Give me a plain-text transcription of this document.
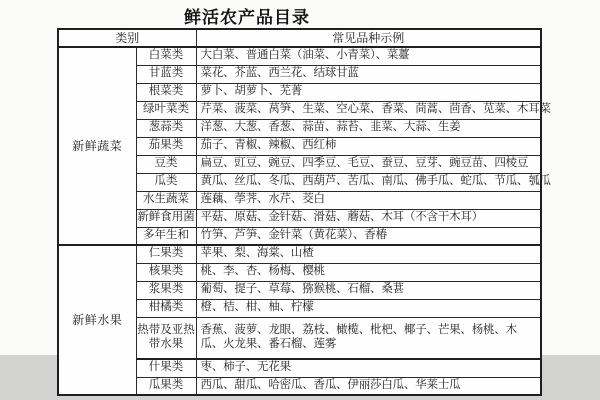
鲜活农产品目录
类别		常见品种示例
新鲜蔬菜	白菜类	大白菜、普通白菜（油菜、小青菜）、菜薹
	甘蓝类	菜花、芥蓝、西兰花、结球甘蓝
	根菜类	萝卜、胡萝卜、芜菁
	绿叶菜类	芹菜、菠菜、莴笋、生菜、空心菜、香菜、茼蒿、茴香、苋菜、木耳菜
	葱蒜类	洋葱、大葱、香葱、蒜苗、蒜苔、韭菜、大蒜、生姜
	茄果类	茄子、青椒、辣椒、西红柿
	豆类	扁豆、豇豆、豌豆、四季豆、毛豆、蚕豆、豆芽、豌豆苗、四棱豆
	瓜类	黄瓜、丝瓜、冬瓜、西葫芦、苦瓜、南瓜、佛手瓜、蛇瓜、节瓜、瓠瓜
	水生蔬菜	莲藕、荸荠、水芹、茭白
	新鲜食用菌	平菇、原菇、金针菇、滑菇、蘑菇、木耳（不含干木耳）
	多年生和	竹笋、芦笋、金针菜（黄花菜）、香椿
新鲜水果	仁果类	苹果、梨、海棠、山楂
	核果类	桃、李、杏、杨梅、樱桃
	浆果类	葡萄、提子、草莓、猕猴桃、石榴、桑葚
	柑橘类	橙、桔、柑、柚、柠檬
	热带及亚热带水果	香蕉、菠萝、龙眼、荔枝、橄榄、枇杷、椰子、芒果、杨桃、木瓜、火龙果、番石榴、莲雾
	什果类	枣、柿子、无花果
	瓜果类	西瓜、甜瓜、哈密瓜、香瓜、伊丽莎白瓜、华莱士瓜
